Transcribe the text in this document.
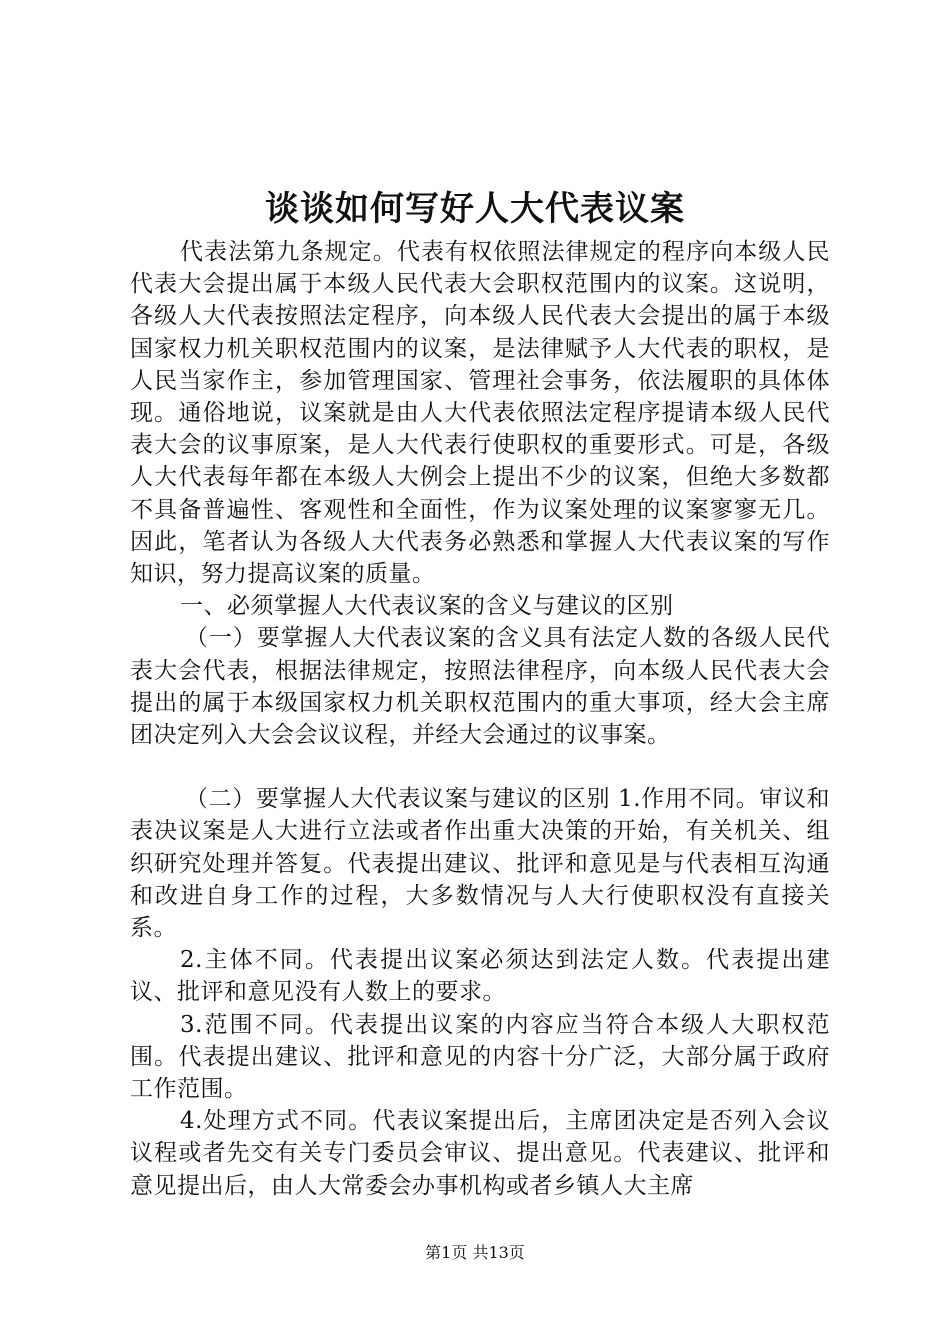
谈谈如何写好人大代表议案

代表法第九条规定。代表有权依照法律规定的程序向本级人民代表大会提出属于本级人民代表大会职权范围内的议案。这说明，各级人大代表按照法定程序，向本级人民代表大会提出的属于本级国家权力机关职权范围内的议案，是法律赋予人大代表的职权，是人民当家作主，参加管理国家、管理社会事务，依法履职的具体体现。通俗地说，议案就是由人大代表依照法定程序提请本级人民代表大会的议事原案，是人大代表行使职权的重要形式。可是，各级人大代表每年都在本级人大例会上提出不少的议案，但绝大多数都不具备普遍性、客观性和全面性，作为议案处理的议案寥寥无几。因此，笔者认为各级人大代表务必熟悉和掌握人大代表议案的写作知识，努力提高议案的质量。

一、必须掌握人大代表议案的含义与建议的区别

（一）要掌握人大代表议案的含义具有法定人数的各级人民代表大会代表，根据法律规定，按照法律程序，向本级人民代表大会提出的属于本级国家权力机关职权范围内的重大事项，经大会主席团决定列入大会会议议程，并经大会通过的议事案。

（二）要掌握人大代表议案与建议的区别 1.作用不同。审议和表决议案是人大进行立法或者作出重大决策的开始，有关机关、组织研究处理并答复。代表提出建议、批评和意见是与代表相互沟通和改进自身工作的过程，大多数情况与人大行使职权没有直接关系。

2.主体不同。代表提出议案必须达到法定人数。代表提出建议、批评和意见没有人数上的要求。

3.范围不同。代表提出议案的内容应当符合本级人大职权范围。代表提出建议、批评和意见的内容十分广泛，大部分属于政府工作范围。

4.处理方式不同。代表议案提出后，主席团决定是否列入会议议程或者先交有关专门委员会审议、提出意见。代表建议、批评和意见提出后，由人大常委会办事机构或者乡镇人大主席

第1页 共13页
